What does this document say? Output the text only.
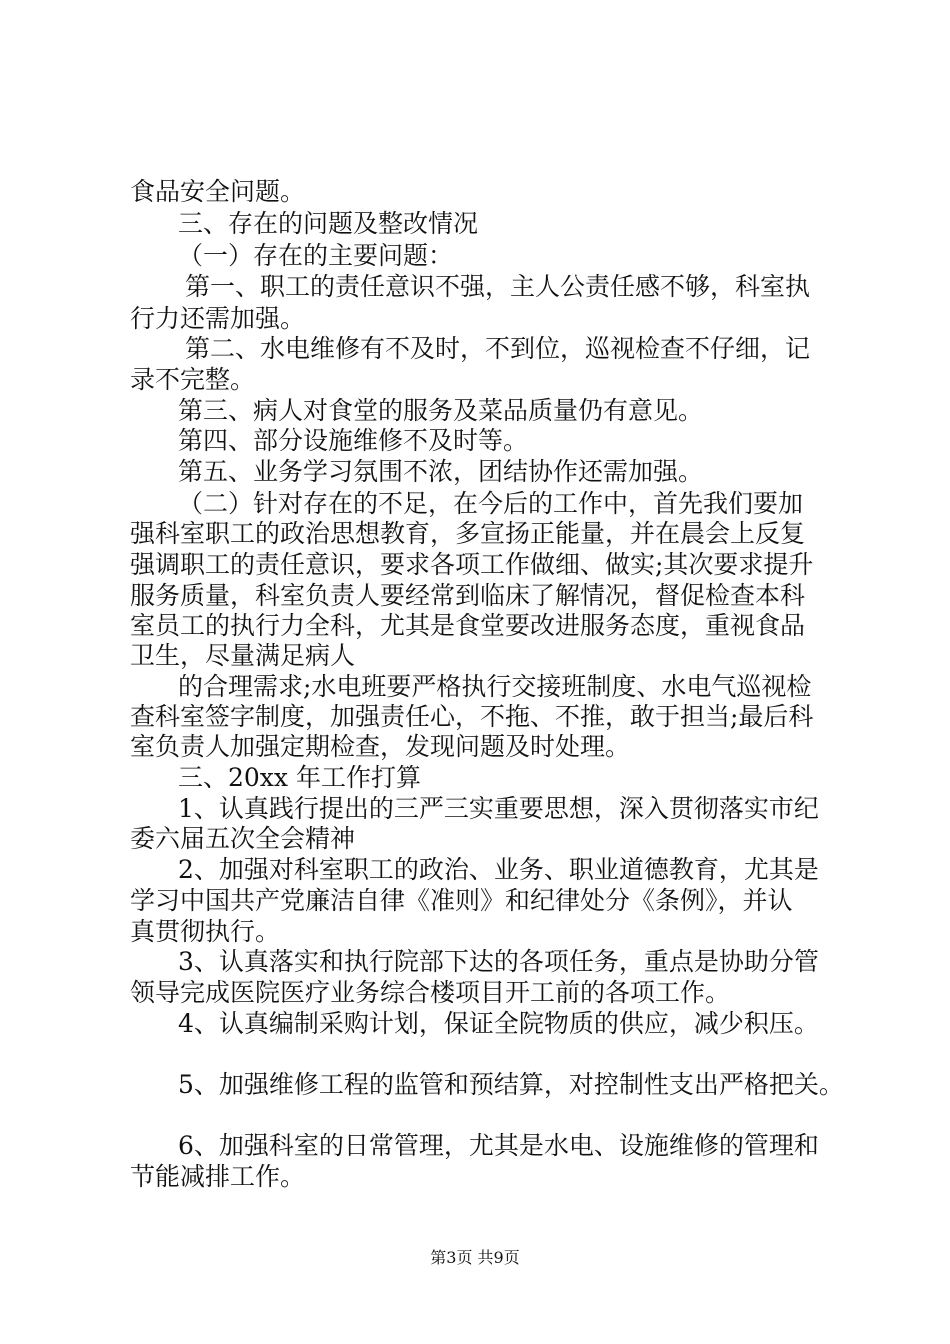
食品安全问题。
三、存在的问题及整改情况
（一）存在的主要问题：
第一、职工的责任意识不强，主人公责任感不够，科室执
行力还需加强。
第二、水电维修有不及时，不到位，巡视检查不仔细，记
录不完整。
第三、病人对食堂的服务及菜品质量仍有意见。
第四、部分设施维修不及时等。
第五、业务学习氛围不浓，团结协作还需加强。
（二）针对存在的不足，在今后的工作中，首先我们要加
强科室职工的政治思想教育，多宣扬正能量，并在晨会上反复
强调职工的责任意识，要求各项工作做细、做实;其次要求提升
服务质量，科室负责人要经常到临床了解情况，督促检查本科
室员工的执行力全科，尤其是食堂要改进服务态度，重视食品
卫生，尽量满足病人
的合理需求;水电班要严格执行交接班制度、水电气巡视检
查科室签字制度，加强责任心，不拖、不推，敢于担当;最后科
室负责人加强定期检查，发现问题及时处理。
三、20xx 年工作打算
1、认真践行提出的三严三实重要思想，深入贯彻落实市纪
委六届五次全会精神
2、加强对科室职工的政治、业务、职业道德教育，尤其是
学习中国共产党廉洁自律《准则》和纪律处分《条例》，并认
真贯彻执行。
3、认真落实和执行院部下达的各项任务，重点是协助分管
领导完成医院医疗业务综合楼项目开工前的各项工作。
4、认真编制采购计划，保证全院物质的供应，减少积压。
5、加强维修工程的监管和预结算，对控制性支出严格把关。
6、加强科室的日常管理，尤其是水电、设施维修的管理和
节能减排工作。
第3页 共9页
